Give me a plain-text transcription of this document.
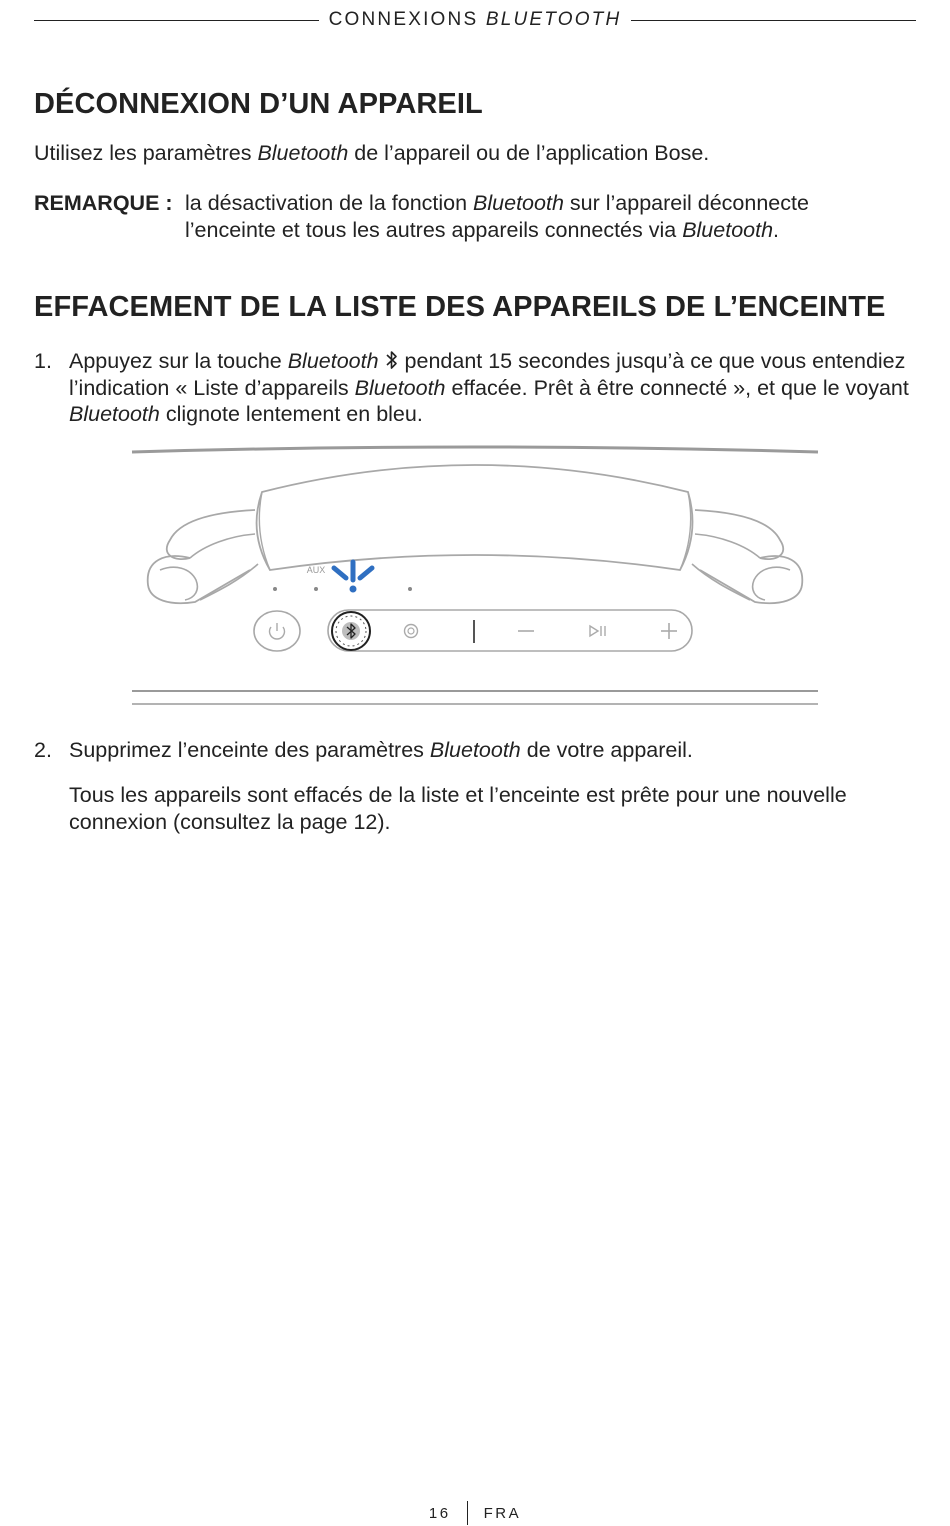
CONNEXIONS BLUETOOTH
DÉCONNEXION D’UN APPAREIL

Utilisez les paramètres Bluetooth de l’appareil ou de l’application Bose.

REMARQUE : la désactivation de la fonction Bluetooth sur l’appareil déconnecte l’enceinte et tous les autres appareils connectés via Bluetooth.
EFFACEMENT DE LA LISTE DES APPAREILS DE L’ENCEINTE
1. Appuyez sur la touche Bluetooth  pendant 15 secondes jusqu’à ce que vous entendiez l’indication « Liste d’appareils Bluetooth effacée. Prêt à être connecté », et que le voyant Bluetooth clignote lentement en bleu.

AUX
2. Supprimez l’enceinte des paramètres Bluetooth de votre appareil.

Tous les appareils sont effacés de la liste et l’enceinte est prête pour une nouvelle connexion (consultez la page 12).

16 FRA
